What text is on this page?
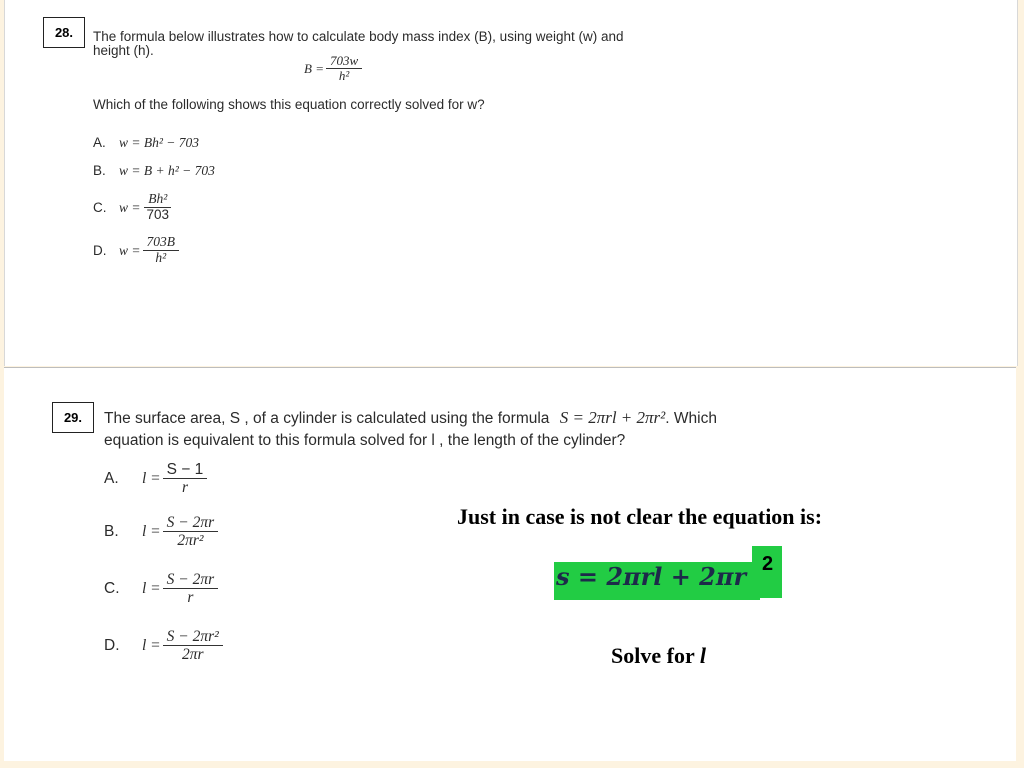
28.	The formula below illustrates how to calculate body mass index (B), using weight (w) and
height (h).
$B = \frac{703w}{\text{h²}}$
Which of the following shows this equation correctly solved for w?
A. w = Bh² − 703
B. w = B + h² − 703
C. $w = \frac{\text{Bh²}}{703}$
D. $w = \frac{703B}{\text{h²}}$
29.	The surface area, S , of a cylinder is calculated using the formula S = 2πrl + 2πr². Which
equation is equivalent to this formula solved for l , the length of the cylinder?
A.	$l = \frac{S - 1}{r}$
B.	$l = \frac{S - 2\pi r}{\text{2πr²}}$
C.	$l = \frac{S - 2\pi r}{r}$
D.	$l = \frac{\text{S − 2πr²}}{2\pi r}$
Just in case is not clear the equation is:
s = 2πrl + 2πr 2
Solve for l
